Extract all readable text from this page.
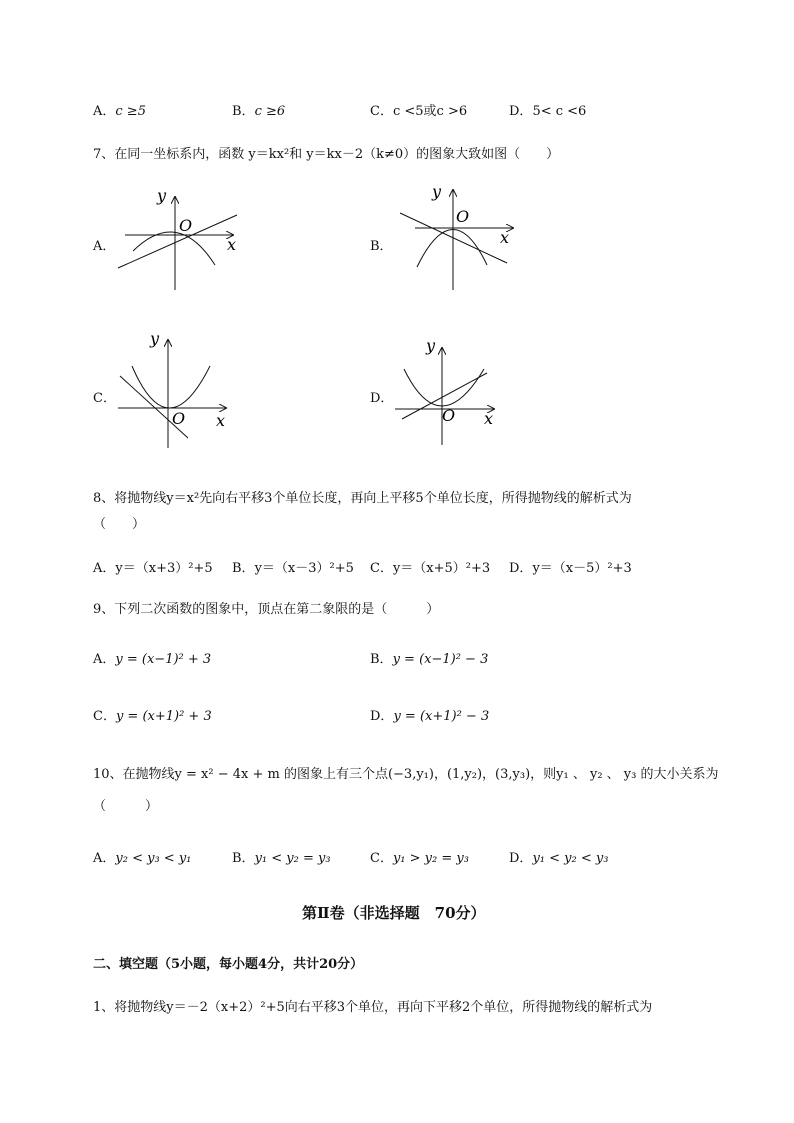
A．c ≥5	B．c ≥6	C．c <5或c >6	D．5< c <6
7、在同一坐标系内，函数 y＝kx²和 y＝kx－2（k≠0）的图象大致如图（　　）
A．	B．
C．	D．
y
x
O
y
x
O
y
x
O
y
x
O
8、将抛物线y＝x²先向右平移3个单位长度，再向上平移5个单位长度，所得抛物线的解析式为
（　　）
A．y＝（x+3）²+5 B．y＝（x－3）²+5 C．y＝（x+5）²+3 D．y＝（x－5）²+3
9、下列二次函数的图象中，顶点在第二象限的是（　　　）
A．y = (x−1)² + 3	B．y = (x−1)² − 3
C．y = (x+1)² + 3	D．y = (x+1)² − 3
10、在抛物线y = x² − 4x + m 的图象上有三个点(−3,y₁)，(1,y₂)，(3,y₃)，则y₁ 、 y₂ 、 y₃ 的大小关系为
（　　　）
A．y₂ < y₃ < y₁	B．y₁ < y₂ = y₃	C．y₁ > y₂ = y₃	D．y₁ < y₂ < y₃
第Ⅱ卷（非选择题　70分）
二、填空题（5小题，每小题4分，共计20分）
1、将抛物线y＝－2（x+2）²+5向右平移3个单位，再向下平移2个单位，所得抛物线的解析式为
